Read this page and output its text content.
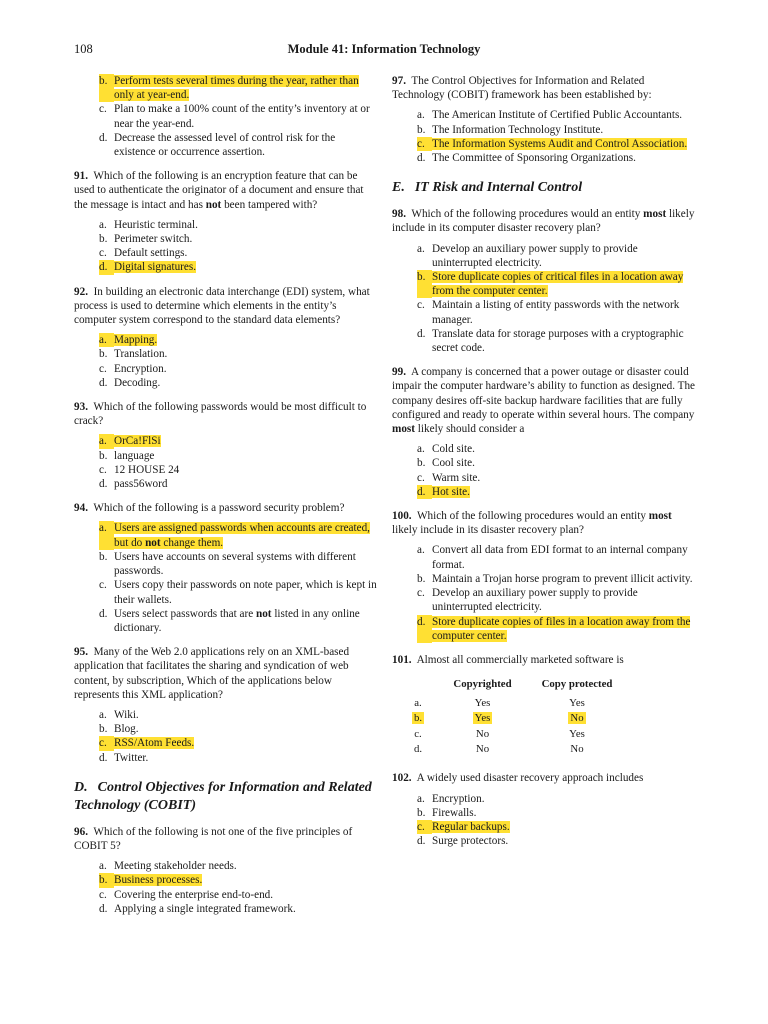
108	Module 41: Information Technology
b. Perform tests several times during the year, rather than only at year-end.
c. Plan to make a 100% count of the entity’s inventory at or near the year-end.
d. Decrease the assessed level of control risk for the existence or occurrence assertion.

91. Which of the following is an encryption feature that can be used to authenticate the originator of a document and ensure that the message is intact and has not been tampered with?

a. Heuristic terminal.
b. Perimeter switch.
c. Default settings.
d. Digital signatures.

92. In building an electronic data interchange (EDI) system, what process is used to determine which elements in the entity’s computer system correspond to the standard data elements?

a. Mapping.
b. Translation.
c. Encryption.
d. Decoding.

93. Which of the following passwords would be most difficult to crack?

a. OrCa!FlSi
b. language
c. 12 HOUSE 24
d. pass56word

94. Which of the following is a password security problem?

a. Users are assigned passwords when accounts are created, but do not change them.
b. Users have accounts on several systems with different passwords.
c. Users copy their passwords on note paper, which is kept in their wallets.
d. Users select passwords that are not listed in any online dictionary.

95. Many of the Web 2.0 applications rely on an XML-based application that facilitates the sharing and syndication of web content, by subscription, Which of the applications below represents this XML application?

a. Wiki.
b. Blog.
c. RSS/Atom Feeds.
d. Twitter.
D. Control Objectives for Information and Related Technology (COBIT)

96. Which of the following is not one of the five principles of COBIT 5?

a. Meeting stakeholder needs.
b. Business processes.
c. Covering the enterprise end-to-end.
d. Applying a single integrated framework.

97. The Control Objectives for Information and Related Technology (COBIT) framework has been established by:

a. The American Institute of Certified Public Accountants.
b. The Information Technology Institute.
c. The Information Systems Audit and Control Association.
d. The Committee of Sponsoring Organizations.
E. IT Risk and Internal Control

98. Which of the following procedures would an entity most likely include in its computer disaster recovery plan?

a. Develop an auxiliary power supply to provide uninterrupted electricity.
b. Store duplicate copies of critical files in a location away from the computer center.
c. Maintain a listing of entity passwords with the network manager.
d. Translate data for storage purposes with a cryptographic secret code.

99. A company is concerned that a power outage or disaster could impair the computer hardware’s ability to function as designed. The company desires off-site backup hardware facilities that are fully configured and ready to operate within several hours. The company most likely should consider a

a. Cold site.
b. Cool site.
c. Warm site.
d. Hot site.

100. Which of the following procedures would an entity most likely include in its disaster recovery plan?

a. Convert all data from EDI format to an internal company format.
b. Maintain a Trojan horse program to prevent illicit activity.
c. Develop an auxiliary power supply to provide uninterrupted electricity.
d. Store duplicate copies of files in a location away from the computer center.

101. Almost all commercially marketed software is

	Copyrighted	Copy protected
a.	Yes	Yes
b.	Yes	No
c.	No	Yes
d.	No	No

102. A widely used disaster recovery approach includes

a. Encryption.
b. Firewalls.
c. Regular backups.
d. Surge protectors.
